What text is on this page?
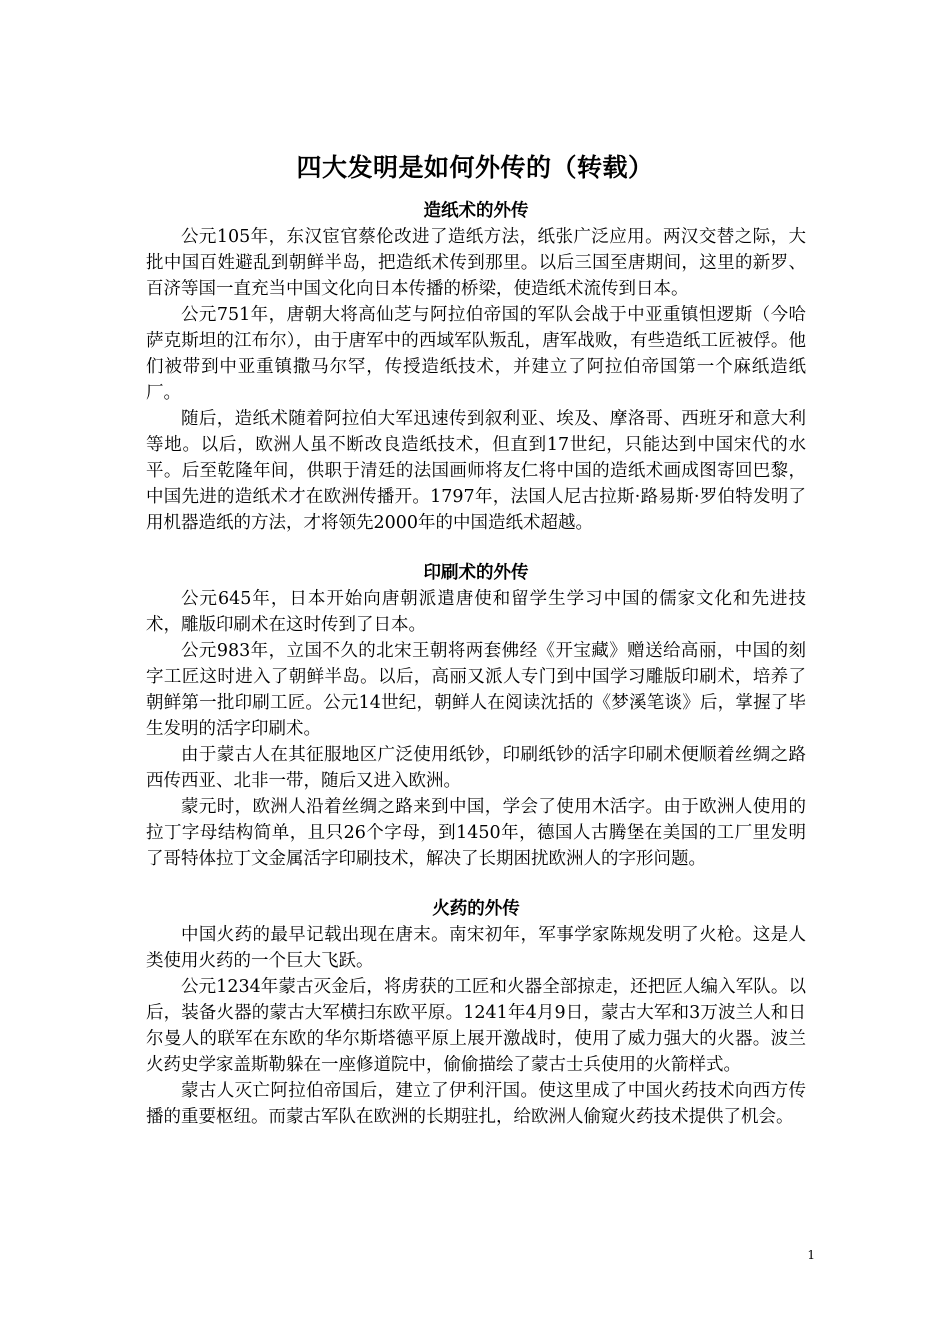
四大发明是如何外传的（转载）
造纸术的外传

公元105年，东汉宦官蔡伦改进了造纸方法，纸张广泛应用。两汉交替之际，大批中国百姓避乱到朝鲜半岛，把造纸术传到那里。以后三国至唐期间，这里的新罗、百济等国一直充当中国文化向日本传播的桥梁，使造纸术流传到日本。

公元751年，唐朝大将高仙芝与阿拉伯帝国的军队会战于中亚重镇怛逻斯（今哈萨克斯坦的江布尔），由于唐军中的西域军队叛乱，唐军战败，有些造纸工匠被俘。他们被带到中亚重镇撒马尔罕，传授造纸技术，并建立了阿拉伯帝国第一个麻纸造纸厂。

随后，造纸术随着阿拉伯大军迅速传到叙利亚、埃及、摩洛哥、西班牙和意大利等地。以后，欧洲人虽不断改良造纸技术，但直到17世纪，只能达到中国宋代的水平。后至乾隆年间，供职于清廷的法国画师将友仁将中国的造纸术画成图寄回巴黎，中国先进的造纸术才在欧洲传播开。1797年，法国人尼古拉斯·路易斯·罗伯特发明了用机器造纸的方法，才将领先2000年的中国造纸术超越。

印刷术的外传

公元645年，日本开始向唐朝派遣唐使和留学生学习中国的儒家文化和先进技术，雕版印刷术在这时传到了日本。

公元983年，立国不久的北宋王朝将两套佛经《开宝藏》赠送给高丽，中国的刻字工匠这时进入了朝鲜半岛。以后，高丽又派人专门到中国学习雕版印刷术，培养了朝鲜第一批印刷工匠。公元14世纪，朝鲜人在阅读沈括的《梦溪笔谈》后，掌握了毕生发明的活字印刷术。

由于蒙古人在其征服地区广泛使用纸钞，印刷纸钞的活字印刷术便顺着丝绸之路西传西亚、北非一带，随后又进入欧洲。

蒙元时，欧洲人沿着丝绸之路来到中国，学会了使用木活字。由于欧洲人使用的拉丁字母结构简单，且只26个字母，到1450年，德国人古腾堡在美国的工厂里发明了哥特体拉丁文金属活字印刷技术，解决了长期困扰欧洲人的字形问题。

火药的外传

中国火药的最早记载出现在唐末。南宋初年，军事学家陈规发明了火枪。这是人类使用火药的一个巨大飞跃。

公元1234年蒙古灭金后，将虏获的工匠和火器全部掠走，还把匠人编入军队。以后，装备火器的蒙古大军横扫东欧平原。1241年4月9日，蒙古大军和3万波兰人和日尔曼人的联军在东欧的华尔斯塔德平原上展开激战时，使用了威力强大的火器。波兰火药史学家盖斯勒躲在一座修道院中，偷偷描绘了蒙古士兵使用的火箭样式。

蒙古人灭亡阿拉伯帝国后，建立了伊利汗国。使这里成了中国火药技术向西方传播的重要枢纽。而蒙古军队在欧洲的长期驻扎，给欧洲人偷窥火药技术提供了机会。

1
